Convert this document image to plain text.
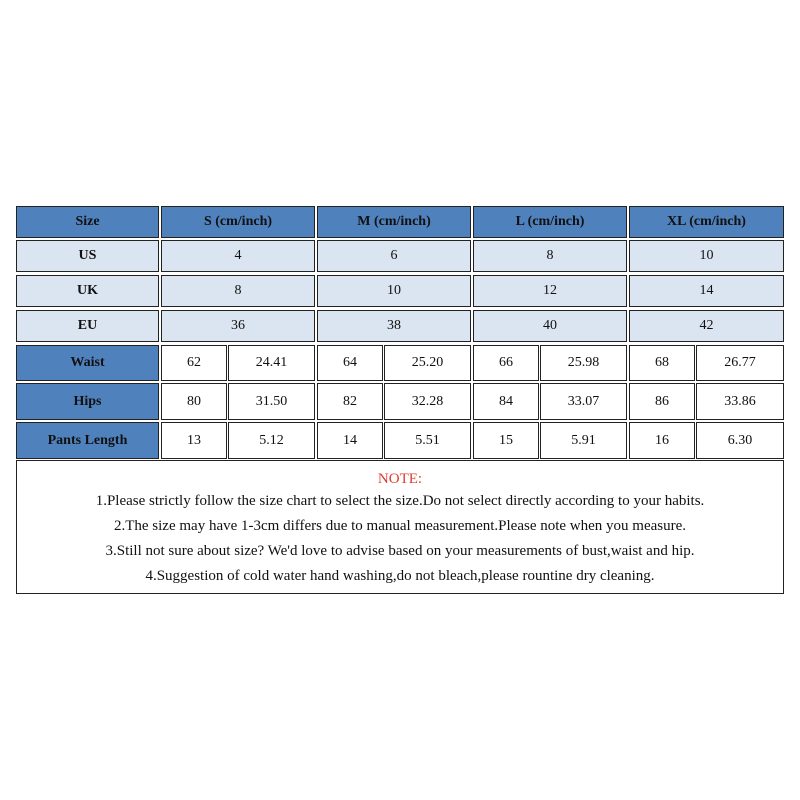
Size	S (cm/inch)	M (cm/inch)	L (cm/inch)	XL (cm/inch)
US	4	6	8	10
UK	8	10	12	14
EU	36	38	40	42
Waist	62	24.41	64	25.20	66	25.98	68	26.77
Hips	80	31.50	82	32.28	84	33.07	86	33.86
Pants Length	13	5.12	14	5.51	15	5.91	16	6.30
NOTE:
1.Please strictly follow the size chart to select the size.Do not select directly according to your habits.
2.The size may have 1-3cm differs due to manual measurement.Please note when you measure.
3.Still not sure about size? We'd love to advise based on your measurements of bust,waist and hip.
4.Suggestion of cold water hand washing,do not bleach,please rountine dry cleaning.
